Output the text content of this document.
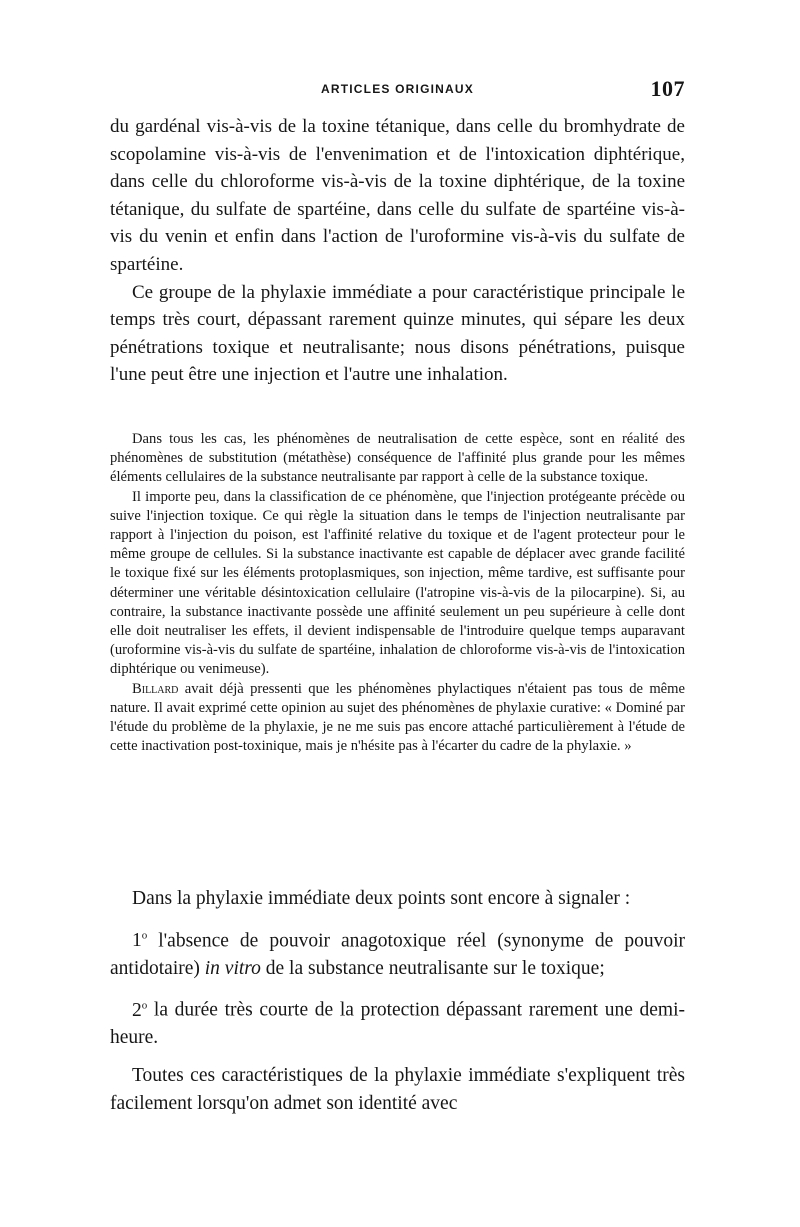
ARTICLES ORIGINAUX	107

du gardénal vis-à-vis de la toxine tétanique, dans celle du bromhydrate de scopolamine vis-à-vis de l'envenimation et de l'intoxication diphtérique, dans celle du chloroforme vis-à-vis de la toxine diphtérique, de la toxine tétanique, du sulfate de spartéine, dans celle du sulfate de spartéine vis-à-vis du venin et enfin dans l'action de l'uroformine vis-à-vis du sulfate de spartéine.

Ce groupe de la phylaxie immédiate a pour caractéristique principale le temps très court, dépassant rarement quinze minutes, qui sépare les deux pénétrations toxique et neutralisante; nous disons pénétrations, puisque l'une peut être une injection et l'autre une inhalation.

Dans tous les cas, les phénomènes de neutralisation de cette espèce, sont en réalité des phénomènes de substitution (métathèse) conséquence de l'affinité plus grande pour les mêmes éléments cellulaires de la substance neutralisante par rapport à celle de la substance toxique.

Il importe peu, dans la classification de ce phénomène, que l'injection protégeante précède ou suive l'injection toxique. Ce qui règle la situation dans le temps de l'injection neutralisante par rapport à l'injection du poison, est l'affinité relative du toxique et de l'agent protecteur pour le même groupe de cellules. Si la substance inactivante est capable de déplacer avec grande facilité le toxique fixé sur les éléments protoplasmiques, son injection, même tardive, est suffisante pour déterminer une véritable désintoxication cellulaire (l'atropine vis-à-vis de la pilocarpine). Si, au contraire, la substance inactivante possède une affinité seulement un peu supérieure à celle dont elle doit neutraliser les effets, il devient indispensable de l'introduire quelque temps auparavant (uroformine vis-à-vis du sulfate de spartéine, inhalation de chloroforme vis-à-vis de l'intoxication diphtérique ou venimeuse).

Billard avait déjà pressenti que les phénomènes phylactiques n'étaient pas tous de même nature. Il avait exprimé cette opinion au sujet des phénomènes de phylaxie curative: « Dominé par l'étude du problème de la phylaxie, je ne me suis pas encore attaché particulièrement à l'étude de cette inactivation post-toxinique, mais je n'hésite pas à l'écarter du cadre de la phylaxie. »

Dans la phylaxie immédiate deux points sont encore à signaler :

1$^o$ l'absence de pouvoir anagotoxique réel (synonyme de pouvoir antidotaire) in vitro de la substance neutralisante sur le toxique;

2$^o$ la durée très courte de la protection dépassant rarement une demi-heure.

Toutes ces caractéristiques de la phylaxie immédiate s'expliquent très facilement lorsqu'on admet son identité avec
